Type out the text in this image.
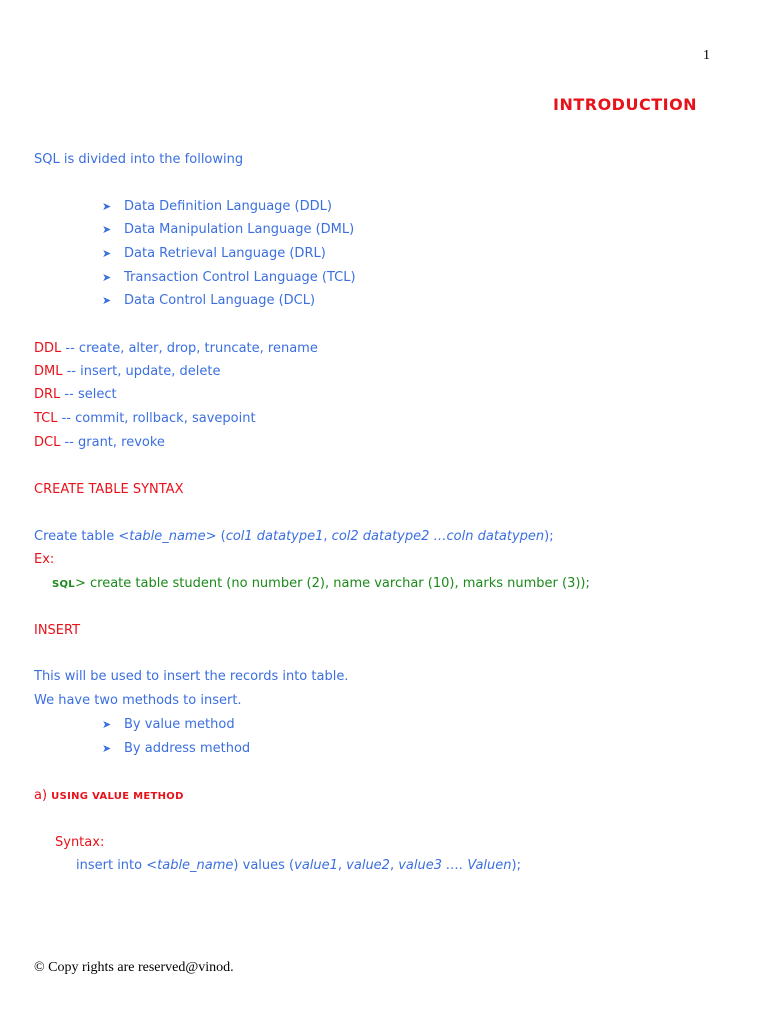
1
INTRODUCTION
SQL is divided into the following
➤ Data Definition Language (DDL)
➤ Data Manipulation Language (DML)
➤ Data Retrieval Language (DRL)
➤ Transaction Control Language (TCL)
➤ Data Control Language (DCL)
DDL -- create, alter, drop, truncate, rename
DML -- insert, update, delete
DRL -- select
TCL -- commit, rollback, savepoint
DCL -- grant, revoke
CREATE TABLE SYNTAX
Create table <table_name> (col1 datatype1, col2 datatype2 …coln datatypen);
Ex:
SQL> create table student (no number (2), name varchar (10), marks number (3));
INSERT
This will be used to insert the records into table.
We have two methods to insert.
➤ By value method
➤ By address method
a) USING VALUE METHOD
Syntax:
insert into <table_name) values (value1, value2, value3 …. Valuen);
© Copy rights are reserved@vinod.
